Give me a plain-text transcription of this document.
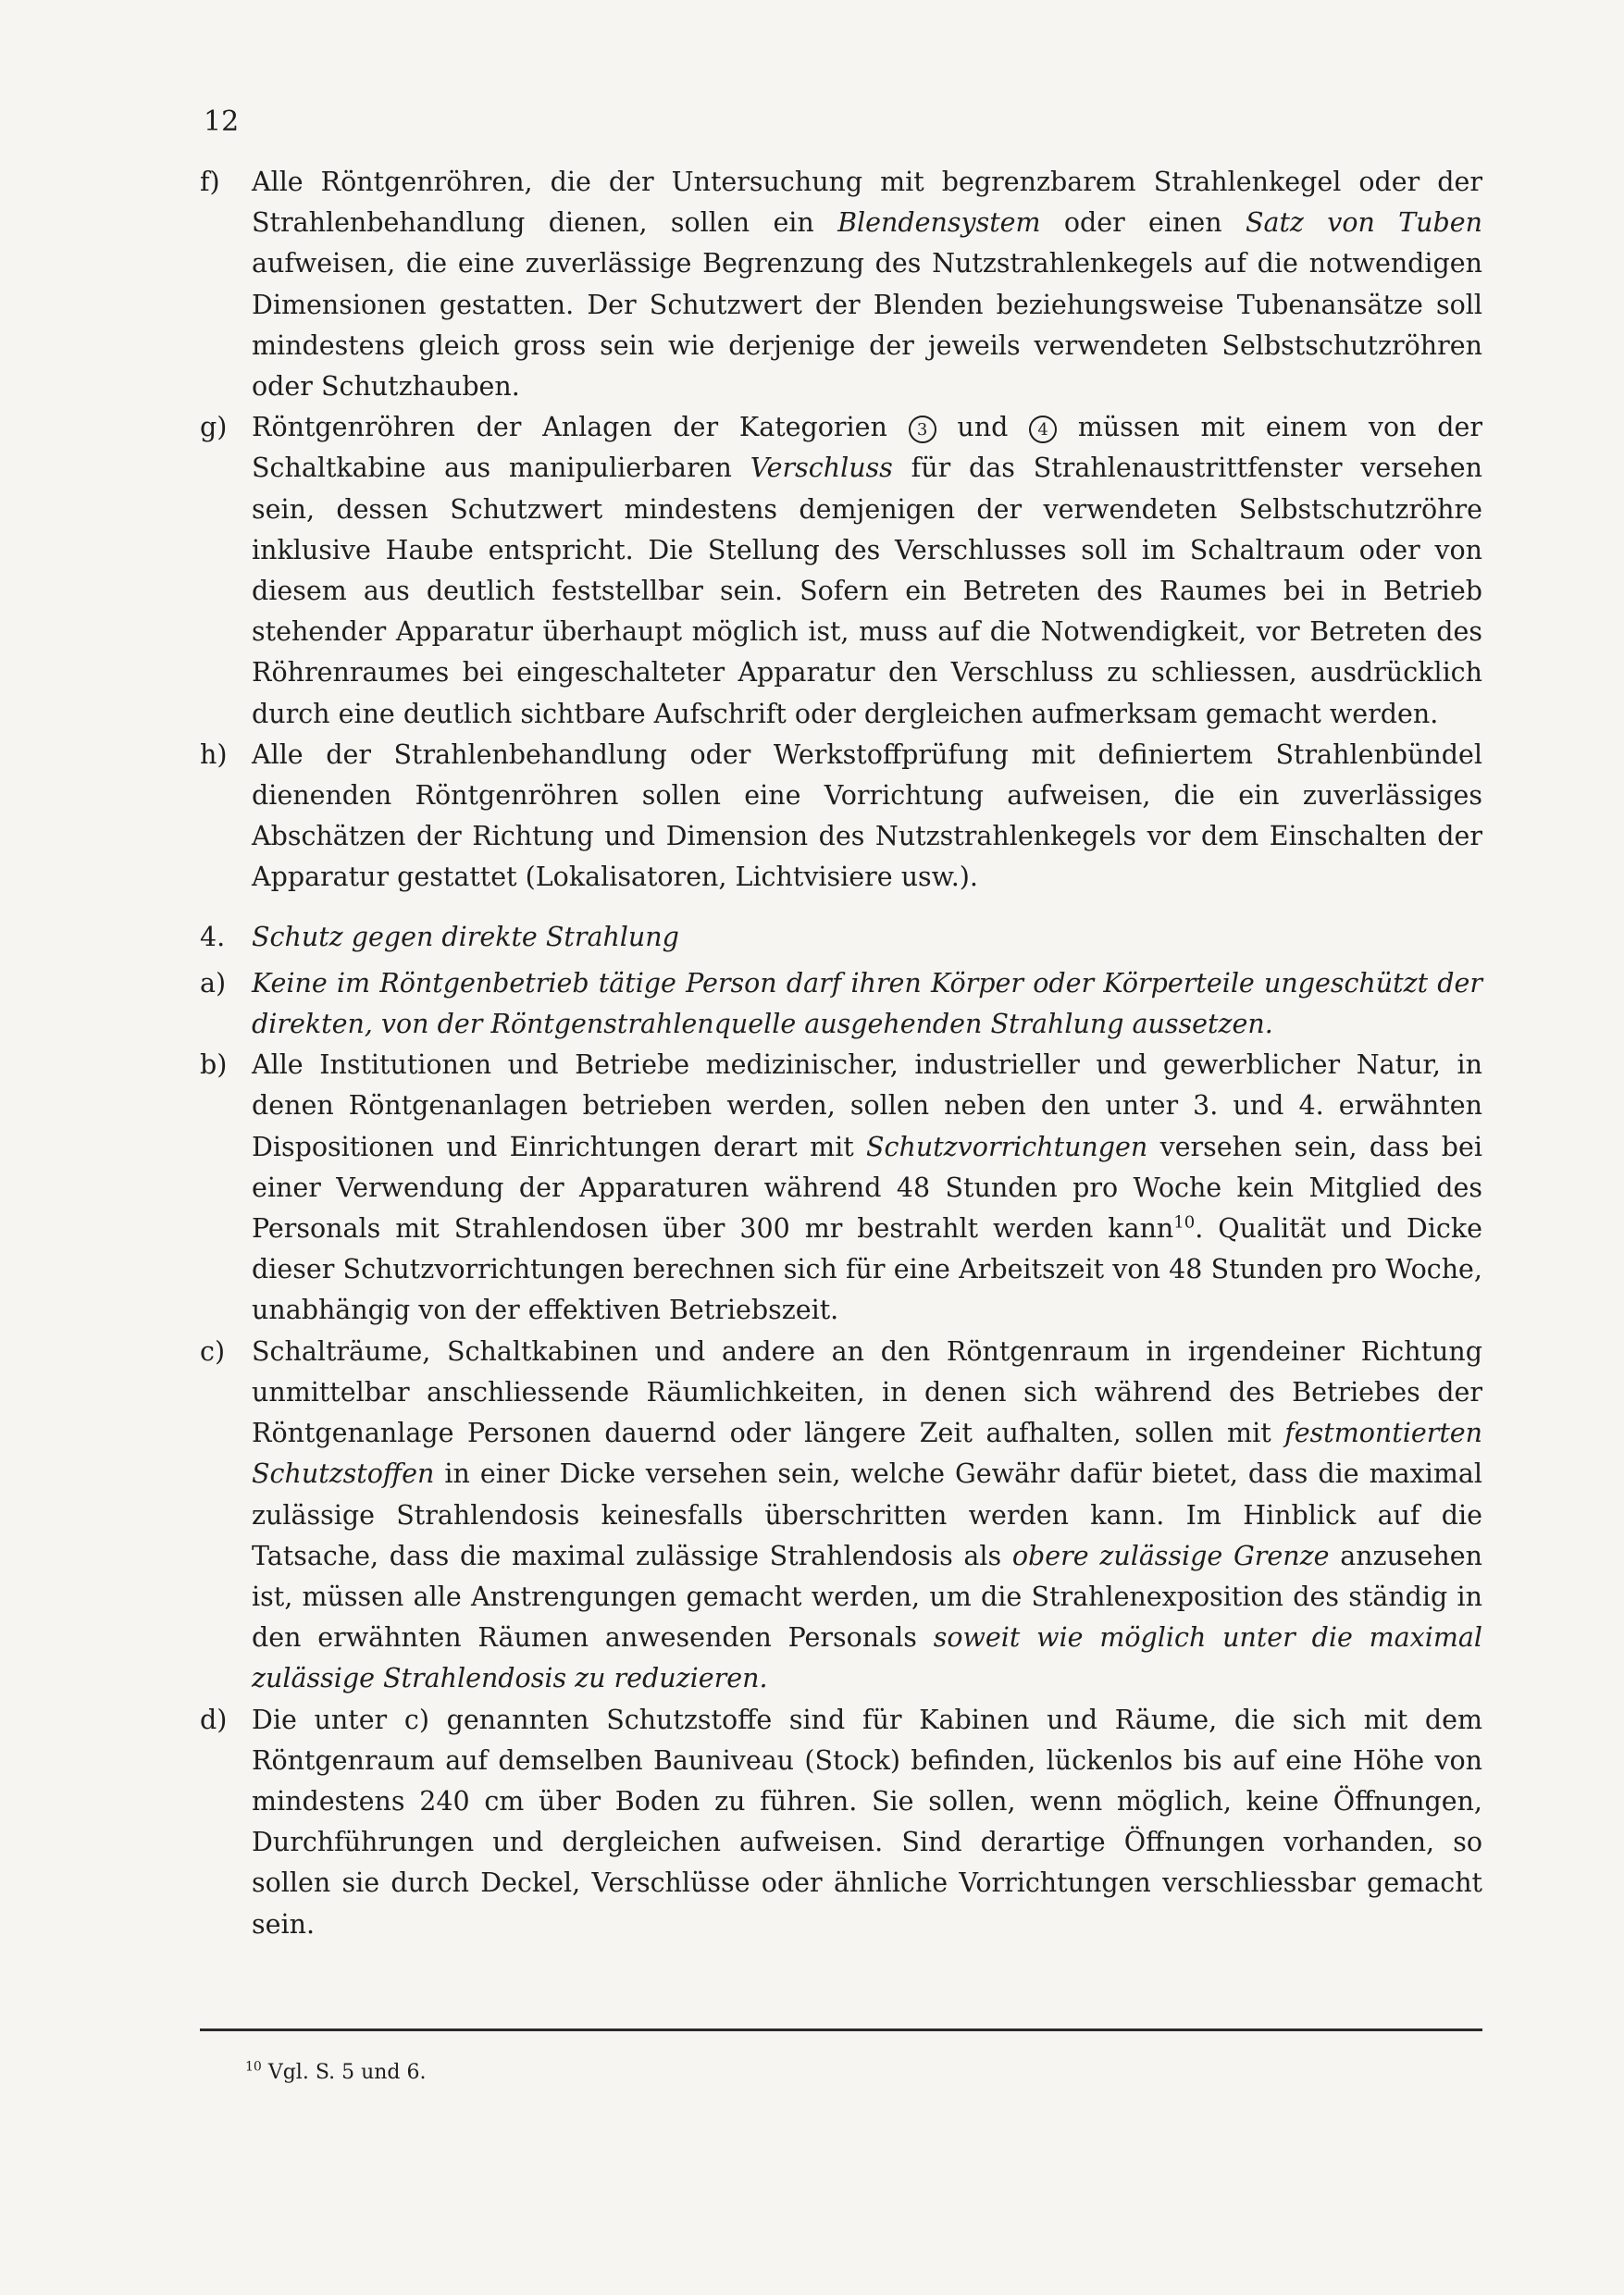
12
f) Alle Röntgenröhren, die der Untersuchung mit begrenzbarem Strahlenkegel oder der Strahlenbehandlung dienen, sollen ein Blendensystem oder einen Satz von Tuben aufweisen, die eine zuverlässige Begrenzung des Nutzstrahlenkegels auf die notwendigen Dimensionen gestatten. Der Schutzwert der Blenden beziehungsweise Tubenansätze soll mindestens gleich gross sein wie derjenige der jeweils verwendeten Selbstschutzröhren oder Schutzhauben.

g) Röntgenröhren der Anlagen der Kategorien 3 und 4 müssen mit einem von der Schaltkabine aus manipulierbaren Verschluss für das Strahlenaustrittfenster versehen sein, dessen Schutzwert mindestens demjenigen der verwendeten Selbstschutzröhre inklusive Haube entspricht. Die Stellung des Verschlusses soll im Schaltraum oder von diesem aus deutlich feststellbar sein. Sofern ein Betreten des Raumes bei in Betrieb stehender Apparatur überhaupt möglich ist, muss auf die Notwendigkeit, vor Betreten des Röhrenraumes bei eingeschalteter Apparatur den Verschluss zu schliessen, ausdrücklich durch eine deutlich sichtbare Aufschrift oder dergleichen aufmerksam gemacht werden.

h) Alle der Strahlenbehandlung oder Werkstoffprüfung mit definiertem Strahlenbündel dienenden Röntgenröhren sollen eine Vorrichtung aufweisen, die ein zuverlässiges Abschätzen der Richtung und Dimension des Nutzstrahlenkegels vor dem Einschalten der Apparatur gestattet (Lokalisatoren, Lichtvisiere usw.).

4. Schutz gegen direkte Strahlung
a) Keine im Röntgenbetrieb tätige Person darf ihren Körper oder Körperteile ungeschützt der direkten, von der Röntgenstrahlenquelle ausgehenden Strahlung aussetzen.

b) Alle Institutionen und Betriebe medizinischer, industrieller und gewerblicher Natur, in denen Röntgenanlagen betrieben werden, sollen neben den unter 3. und 4. erwähnten Dispositionen und Einrichtungen derart mit Schutzvorrichtungen versehen sein, dass bei einer Verwendung der Apparaturen während 48 Stunden pro Woche kein Mitglied des Personals mit Strahlendosen über 300 mr bestrahlt werden kann$^{10}$. Qualität und Dicke dieser Schutzvorrichtungen berechnen sich für eine Arbeitszeit von 48 Stunden pro Woche, unabhängig von der effektiven Betriebszeit.

c) Schalträume, Schaltkabinen und andere an den Röntgenraum in irgendeiner Richtung unmittelbar anschliessende Räumlichkeiten, in denen sich während des Betriebes der Röntgenanlage Personen dauernd oder längere Zeit aufhalten, sollen mit festmontierten Schutzstoffen in einer Dicke versehen sein, welche Gewähr dafür bietet, dass die maximal zulässige Strahlendosis keinesfalls überschritten werden kann. Im Hinblick auf die Tatsache, dass die maximal zulässige Strahlendosis als obere zulässige Grenze anzusehen ist, müssen alle Anstrengungen gemacht werden, um die Strahlenexposition des ständig in den erwähnten Räumen anwesenden Personals soweit wie möglich unter die maximal zulässige Strahlendosis zu reduzieren.

d) Die unter c) genannten Schutzstoffe sind für Kabinen und Räume, die sich mit dem Röntgenraum auf demselben Bauniveau (Stock) befinden, lückenlos bis auf eine Höhe von mindestens 240 cm über Boden zu führen. Sie sollen, wenn möglich, keine Öffnungen, Durchführungen und dergleichen aufweisen. Sind derartige Öffnungen vorhanden, so sollen sie durch Deckel, Verschlüsse oder ähnliche Vorrichtungen verschliessbar gemacht sein.

$^{10}$ Vgl. S. 5 und 6.
